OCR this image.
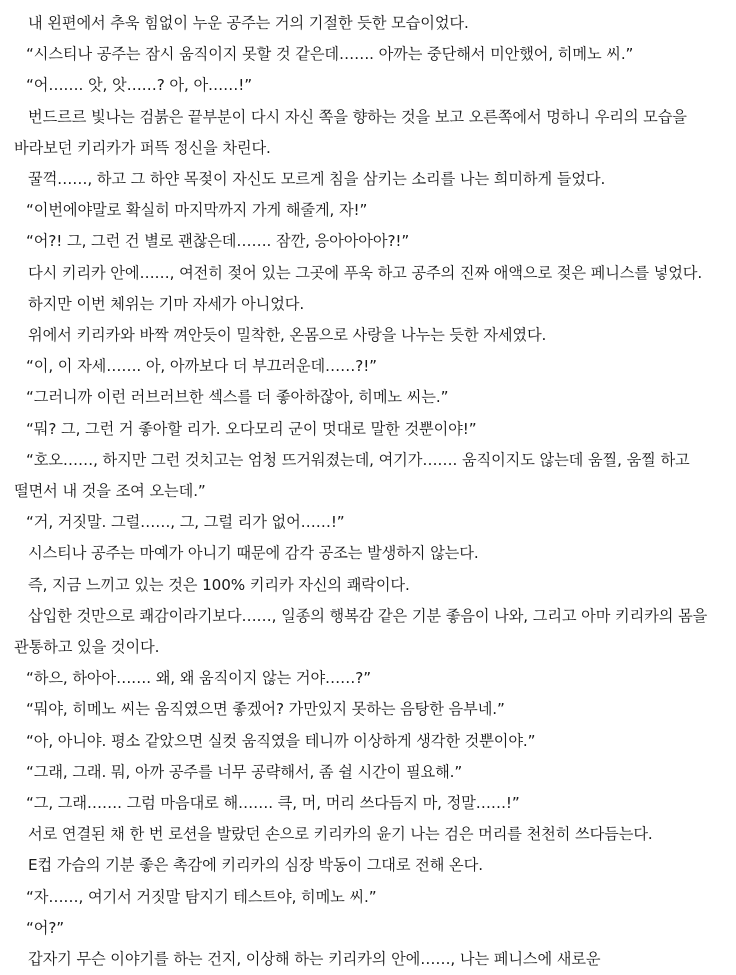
내 왼편에서 추욱 힘없이 누운 공주는 거의 기절한 듯한 모습이었다.

“시스티나 공주는 잠시 움직이지 못할 것 같은데……. 아까는 중단해서 미안했어, 히메노 씨.”

“어……. 앗, 앗……? 아, 아……!”

번드르르 빛나는 검붉은 끝부분이 다시 자신 쪽을 향하는 것을 보고 오른쪽에서 멍하니 우리의 모습을 바라보던 키리카가 퍼뜩 정신을 차린다.

꿀꺽……, 하고 그 하얀 목젖이 자신도 모르게 침을 삼키는 소리를 나는 희미하게 들었다.

“이번에야말로 확실히 마지막까지 가게 해줄게, 자!”

“어?! 그, 그런 건 별로 괜찮은데……. 잠깐, 응아아아아?!”

다시 키리카 안에……, 여전히 젖어 있는 그곳에 푸욱 하고 공주의 진짜 애액으로 젖은 페니스를 넣었다.

하지만 이번 체위는 기마 자세가 아니었다.

위에서 키리카와 바짝 껴안듯이 밀착한, 온몸으로 사랑을 나누는 듯한 자세였다.

“이, 이 자세……. 아, 아까보다 더 부끄러운데……?!”

“그러니까 이런 러브러브한 섹스를 더 좋아하잖아, 히메노 씨는.”

“뭐? 그, 그런 거 좋아할 리가. 오다모리 군이 멋대로 말한 것뿐이야!”

“호오……, 하지만 그런 것치고는 엄청 뜨거워졌는데, 여기가……. 움직이지도 않는데 움찔, 움찔 하고 떨면서 내 것을 조여 오는데.”

“거, 거짓말. 그럴……, 그, 그럴 리가 없어……!”

시스티나 공주는 마예가 아니기 때문에 감각 공조는 발생하지 않는다.

즉, 지금 느끼고 있는 것은 100% 키리카 자신의 쾌락이다.

삽입한 것만으로 쾌감이라기보다……, 일종의 행복감 같은 기분 좋음이 나와, 그리고 아마 키리카의 몸을 관통하고 있을 것이다.

“하으, 하아아……. 왜, 왜 움직이지 않는 거야……?”

“뭐야, 히메노 씨는 움직였으면 좋겠어? 가만있지 못하는 음탕한 음부네.”

“아, 아니야. 평소 같았으면 실컷 움직였을 테니까 이상하게 생각한 것뿐이야.”

“그래, 그래. 뭐, 아까 공주를 너무 공략해서, 좀 쉴 시간이 필요해.”

“그, 그래……. 그럼 마음대로 해……. 큭, 머, 머리 쓰다듬지 마, 정말……!”

서로 연결된 채 한 번 로션을 발랐던 손으로 키리카의 윤기 나는 검은 머리를 천천히 쓰다듬는다.

E컵 가슴의 기분 좋은 촉감에 키리카의 심장 박동이 그대로 전해 온다.

“자……, 여기서 거짓말 탐지기 테스트야, 히메노 씨.”

“어?”

갑자기 무슨 이야기를 하는 건지, 이상해 하는 키리카의 안에……, 나는 페니스에 새로운
